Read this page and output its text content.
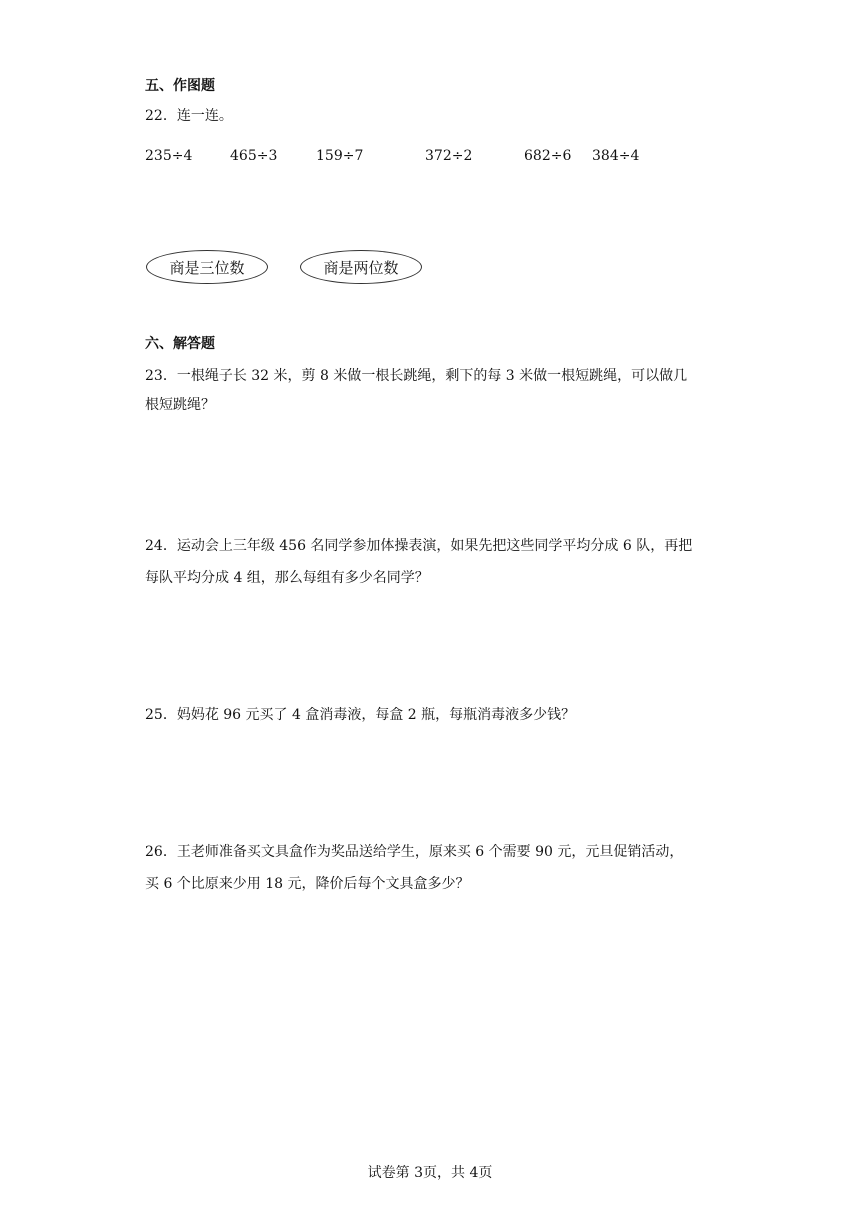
五、作图题
22．连一连。
235÷4	465÷3	159÷7	372÷2	682÷6 384÷4
商是三位数	商是两位数
六、解答题
23．一根绳子长 32 米，剪 8 米做一根长跳绳，剩下的每 3 米做一根短跳绳，可以做几
根短跳绳？
24．运动会上三年级 456 名同学参加体操表演，如果先把这些同学平均分成 6 队，再把
每队平均分成 4 组，那么每组有多少名同学？
25．妈妈花 96 元买了 4 盒消毒液，每盒 2 瓶，每瓶消毒液多少钱？
26．王老师准备买文具盒作为奖品送给学生，原来买 6 个需要 90 元，元旦促销活动，
买 6 个比原来少用 18 元，降价后每个文具盒多少？
试卷第 3页，共 4页
